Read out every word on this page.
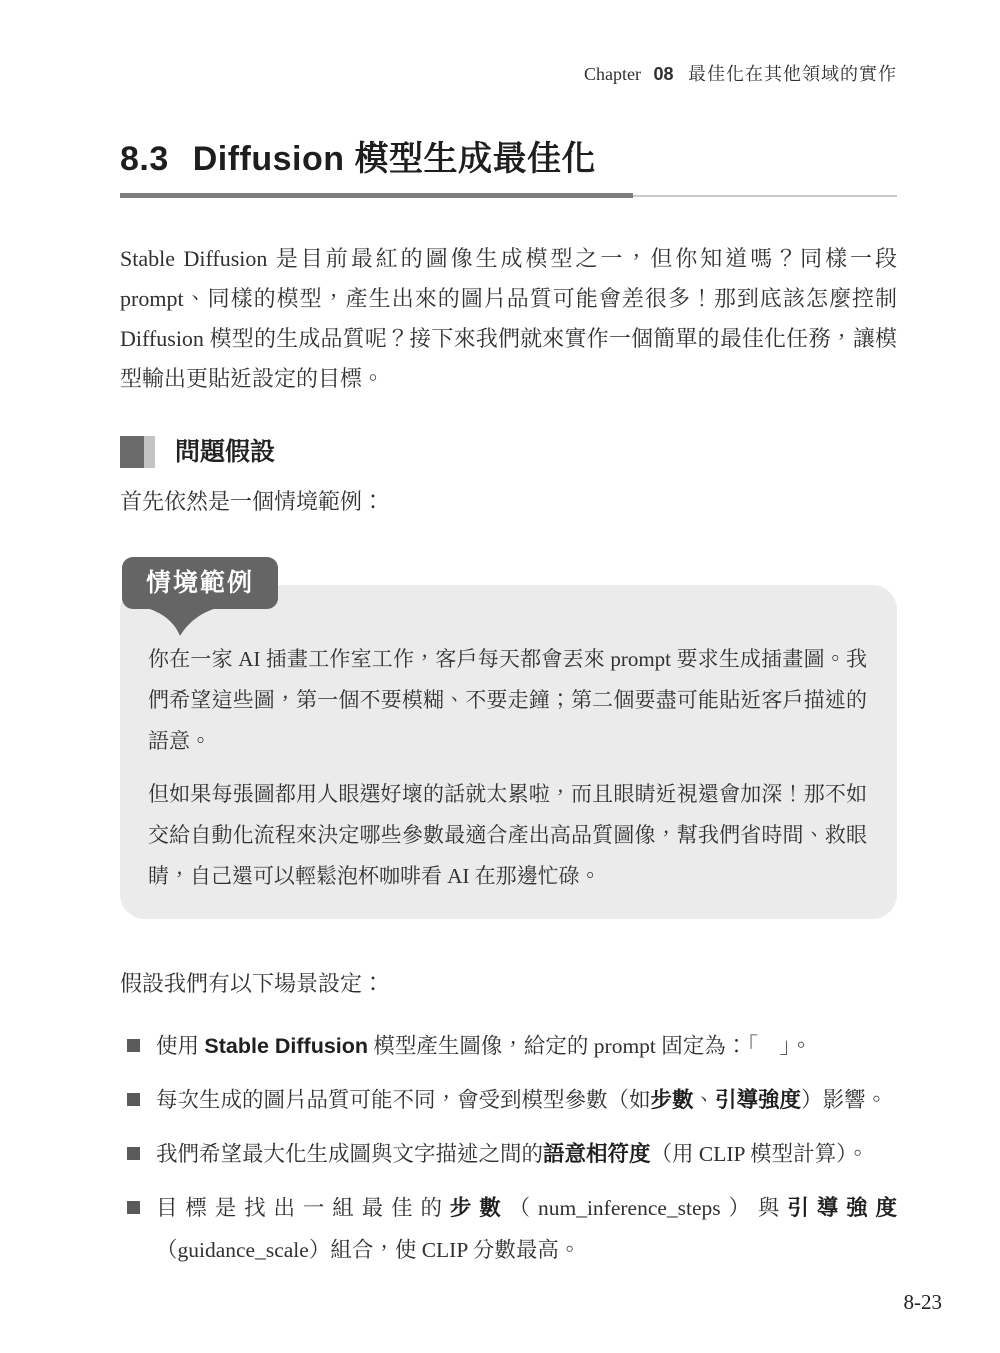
Chapter 08 最佳化在其他領域的實作
8.3 Diffusion 模型生成最佳化

Stable Diffusion 是目前最紅的圖像生成模型之一，但你知道嗎？同樣一段 prompt、同樣的模型，產生出來的圖片品質可能會差很多！那到底該怎麼控制 Diffusion 模型的生成品質呢？接下來我們就來實作一個簡單的最佳化任務，讓模型輸出更貼近設定的目標。

問題假設

首先依然是一個情境範例：

你在一家 AI 插畫工作室工作，客戶每天都會丟來 prompt 要求生成插畫圖。我們希望這些圖，第一個不要模糊、不要走鐘；第二個要盡可能貼近客戶描述的語意。

但如果每張圖都用人眼選好壞的話就太累啦，而且眼睛近視還會加深！那不如交給自動化流程來決定哪些參數最適合產出高品質圖像，幫我們省時間、救眼睛，自己還可以輕鬆泡杯咖啡看 AI 在那邊忙碌。

情境範例

假設我們有以下場景設定：

使用 Stable Diffusion 模型產生圖像，給定的 prompt 固定為：「　」。
每次生成的圖片品質可能不同，會受到模型參數（如步數、引導強度）影響。
我們希望最大化生成圖與文字描述之間的語意相符度（用 CLIP 模型計算）。
目標是找出一組最佳的步數（num_inference_steps）與引導強度（guidance_scale）組合，使 CLIP 分數最高。
8-23
